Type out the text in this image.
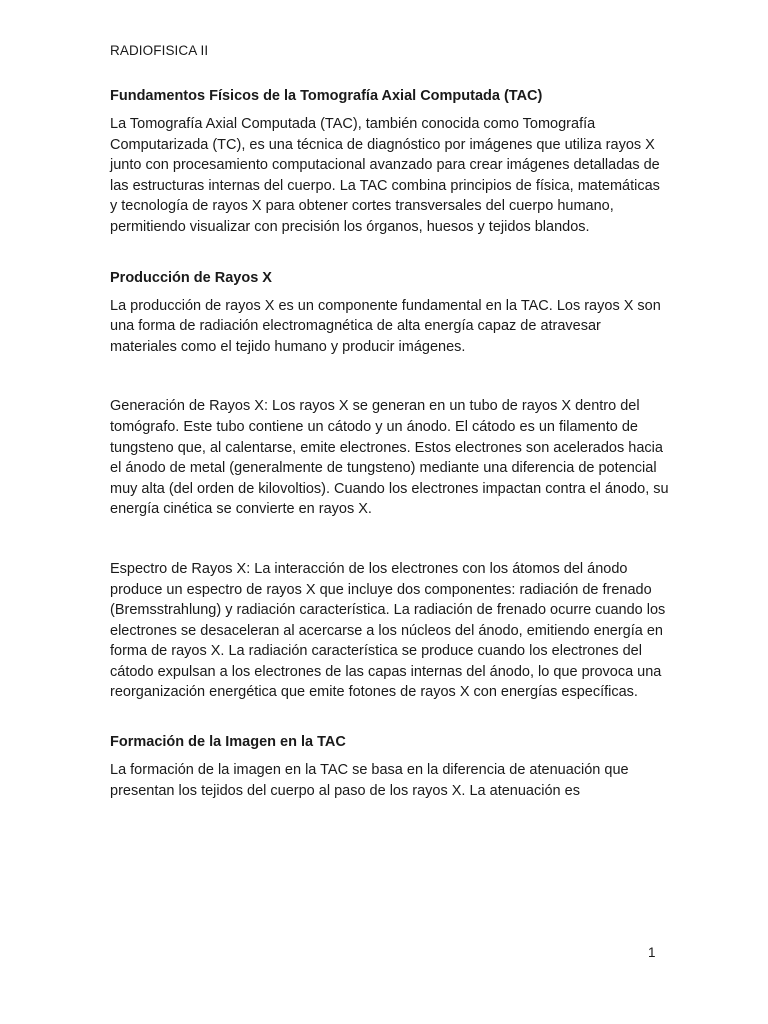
RADIOFISICA II
Fundamentos Físicos de la Tomografía Axial Computada (TAC)

La Tomografía Axial Computada (TAC), también conocida como Tomografía Computarizada (TC), es una técnica de diagnóstico por imágenes que utiliza rayos X junto con procesamiento computacional avanzado para crear imágenes detalladas de las estructuras internas del cuerpo. La TAC combina principios de física, matemáticas y tecnología de rayos X para obtener cortes transversales del cuerpo humano, permitiendo visualizar con precisión los órganos, huesos y tejidos blandos.

Producción de Rayos X

La producción de rayos X es un componente fundamental en la TAC. Los rayos X son una forma de radiación electromagnética de alta energía capaz de atravesar materiales como el tejido humano y producir imágenes.

Generación de Rayos X: Los rayos X se generan en un tubo de rayos X dentro del tomógrafo. Este tubo contiene un cátodo y un ánodo. El cátodo es un filamento de tungsteno que, al calentarse, emite electrones. Estos electrones son acelerados hacia el ánodo de metal (generalmente de tungsteno) mediante una diferencia de potencial muy alta (del orden de kilovoltios). Cuando los electrones impactan contra el ánodo, su energía cinética se convierte en rayos X.

Espectro de Rayos X: La interacción de los electrones con los átomos del ánodo produce un espectro de rayos X que incluye dos componentes: radiación de frenado (Bremsstrahlung) y radiación característica. La radiación de frenado ocurre cuando los electrones se desaceleran al acercarse a los núcleos del ánodo, emitiendo energía en forma de rayos X. La radiación característica se produce cuando los electrones del cátodo expulsan a los electrones de las capas internas del ánodo, lo que provoca una reorganización energética que emite fotones de rayos X con energías específicas.

Formación de la Imagen en la TAC

La formación de la imagen en la TAC se basa en la diferencia de atenuación que presentan los tejidos del cuerpo al paso de los rayos X. La atenuación es

1
